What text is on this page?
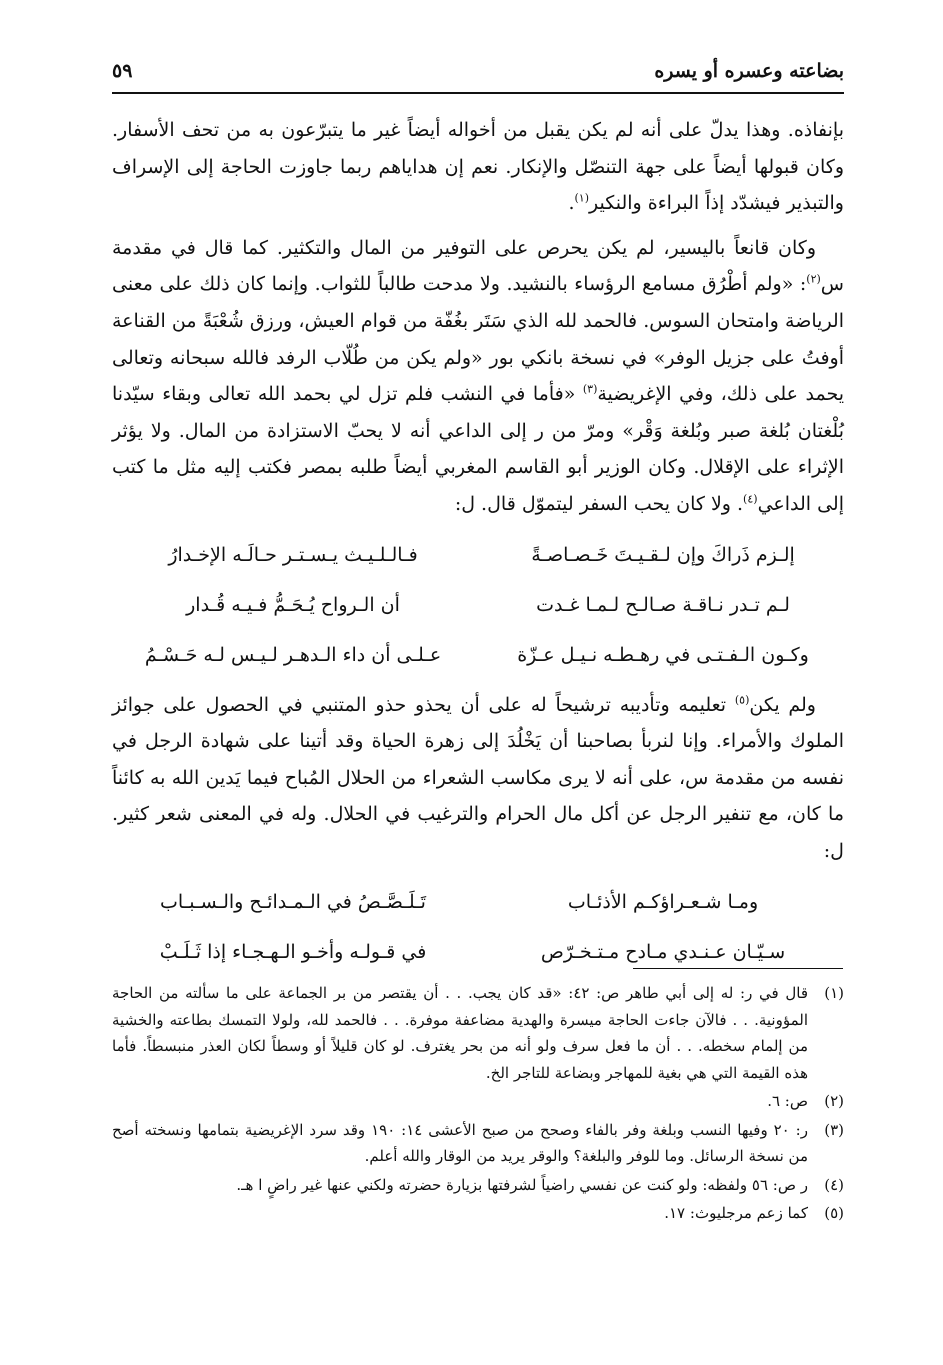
بضاعته وعسره أو يسره
٥٩

بإنفاذه. وهذا يدلّ على أنه لم يكن يقبل من أخواله أيضاً غير ما يتبرّعون به من تحف الأسفار. وكان قبولها أيضاً على جهة التنصّل والإنكار. نعم إن هداياهم ربما جاوزت الحاجة إلى الإسراف والتبذير فيشدّد إذاً البراءة والنكير$^{(١)}$.

وكان قانعاً باليسير، لم يكن يحرص على التوفير من المال والتكثير. كما قال في مقدمة س$^{(٢)}$: «ولم أطْرُق مسامع الرؤساء بالنشيد. ولا مدحت طالباً للثواب. وإنما كان ذلك على معنى الرياضة وامتحان السوس. فالحمد لله الذي سَتَر بغُفّة من قوام العيش، ورزق شُعْبَةً من القناعة أوفتُ على جزيل الوفر» في نسخة بانكي بور «ولم يكن من طُلّاب الرفد فالله سبحانه وتعالى يحمد على ذلك، وفي الإغريضية$^{(٣)}$ «فأما في النشب فلم تزل لي بحمد الله تعالى وبقاء سيّدنا بُلْغتان بُلغة صبر وبُلغة وَقْر» ومرّ من ر إلى الداعي أنه لا يحبّ الاستزادة من المال. ولا يؤثر الإثراء على الإقلال. وكان الوزير أبو القاسم المغربي أيضاً طلبه بمصر فكتب إليه مثل ما كتب إلى الداعي$^{(٤)}$. ولا كان يحب السفر ليتموّل قال. ل:

إلـزم ذَراكَ وإن لـقـيـتَ خَـصـاصـةً
فـالـلـيـث يـسـتـر حـالَـه الإخـدارُ
لـم تـدر نـاقـة صـالـح لـمـا غـدت
أن الـرواح يُـحَـمُّ فـيـه قُـدار
وكـون الـفـتـى في رهـطـه نـيـل عـزّة
عـلـى أن داء الـدهـر لـيـس لـه حَـسْـمُ

ولم يكن$^{(٥)}$ تعليمه وتأديبه ترشيحاً له على أن يحذو حذو المتنبي في الحصول على جوائز الملوك والأمراء. وإنا لنربأ بصاحبنا أن يَخْلُدَ إلى زهرة الحياة وقد أتينا على شهادة الرجل في نفسه من مقدمة س، على أنه لا يرى مكاسب الشعراء من الحلال المُباح فيما يَدين الله به كائناً ما كان، مع تنفير الرجل عن أكل مال الحرام والترغيب في الحلال. وله في المعنى شعر كثير. ل:

ومـا شـعـراؤكـم الأذئـاب
تَـلَـصَّـصُ في الـمـدائـح والـسـبـاب
سـيّـان عـنـدي مـادح مـتـخـرّص
في قـولـه وأخـو الـهـجـاء إذا ثَـلَـبْ
(١)
قال في ر: له إلى أبي طاهر ص: ٤٢: «قد كان يجب. . . أن يقتصر من بر الجماعة على ما سألته من الحاجة المؤونية. . . فالآن جاءت الحاجة ميسرة والهدية مضاعفة موفرة. . . فالحمد لله، ولولا التمسك بطاعته والخشية من إلمام سخطه. . . أن ما فعل سرف ولو أنه من بحر يغترف. لو كان قليلاً أو وسطاً لكان العذر منبسطاً. فأما هذه القيمة التي هي بغية للمهاجر وبضاعة للتاجر الخ.
(٢)
ص: ٦.
(٣)
ر: ٢٠ وفيها النسب وبلغة وفر بالفاء وصحح من صبح الأعشى ١٤: ١٩٠ وقد سرد الإغريضية بتمامها ونسخته أصح من نسخة الرسائل. وما للوفر والبلغة؟ والوقر يريد من الوقار والله أعلم.
(٤)
ر ص: ٥٦ ولفظه: ولو كنت عن نفسي راضياً لشرفتها بزيارة حضرته ولكني عنها غير راضٍ ا هـ.
(٥)
كما زعم مرجليوث: ١٧.
